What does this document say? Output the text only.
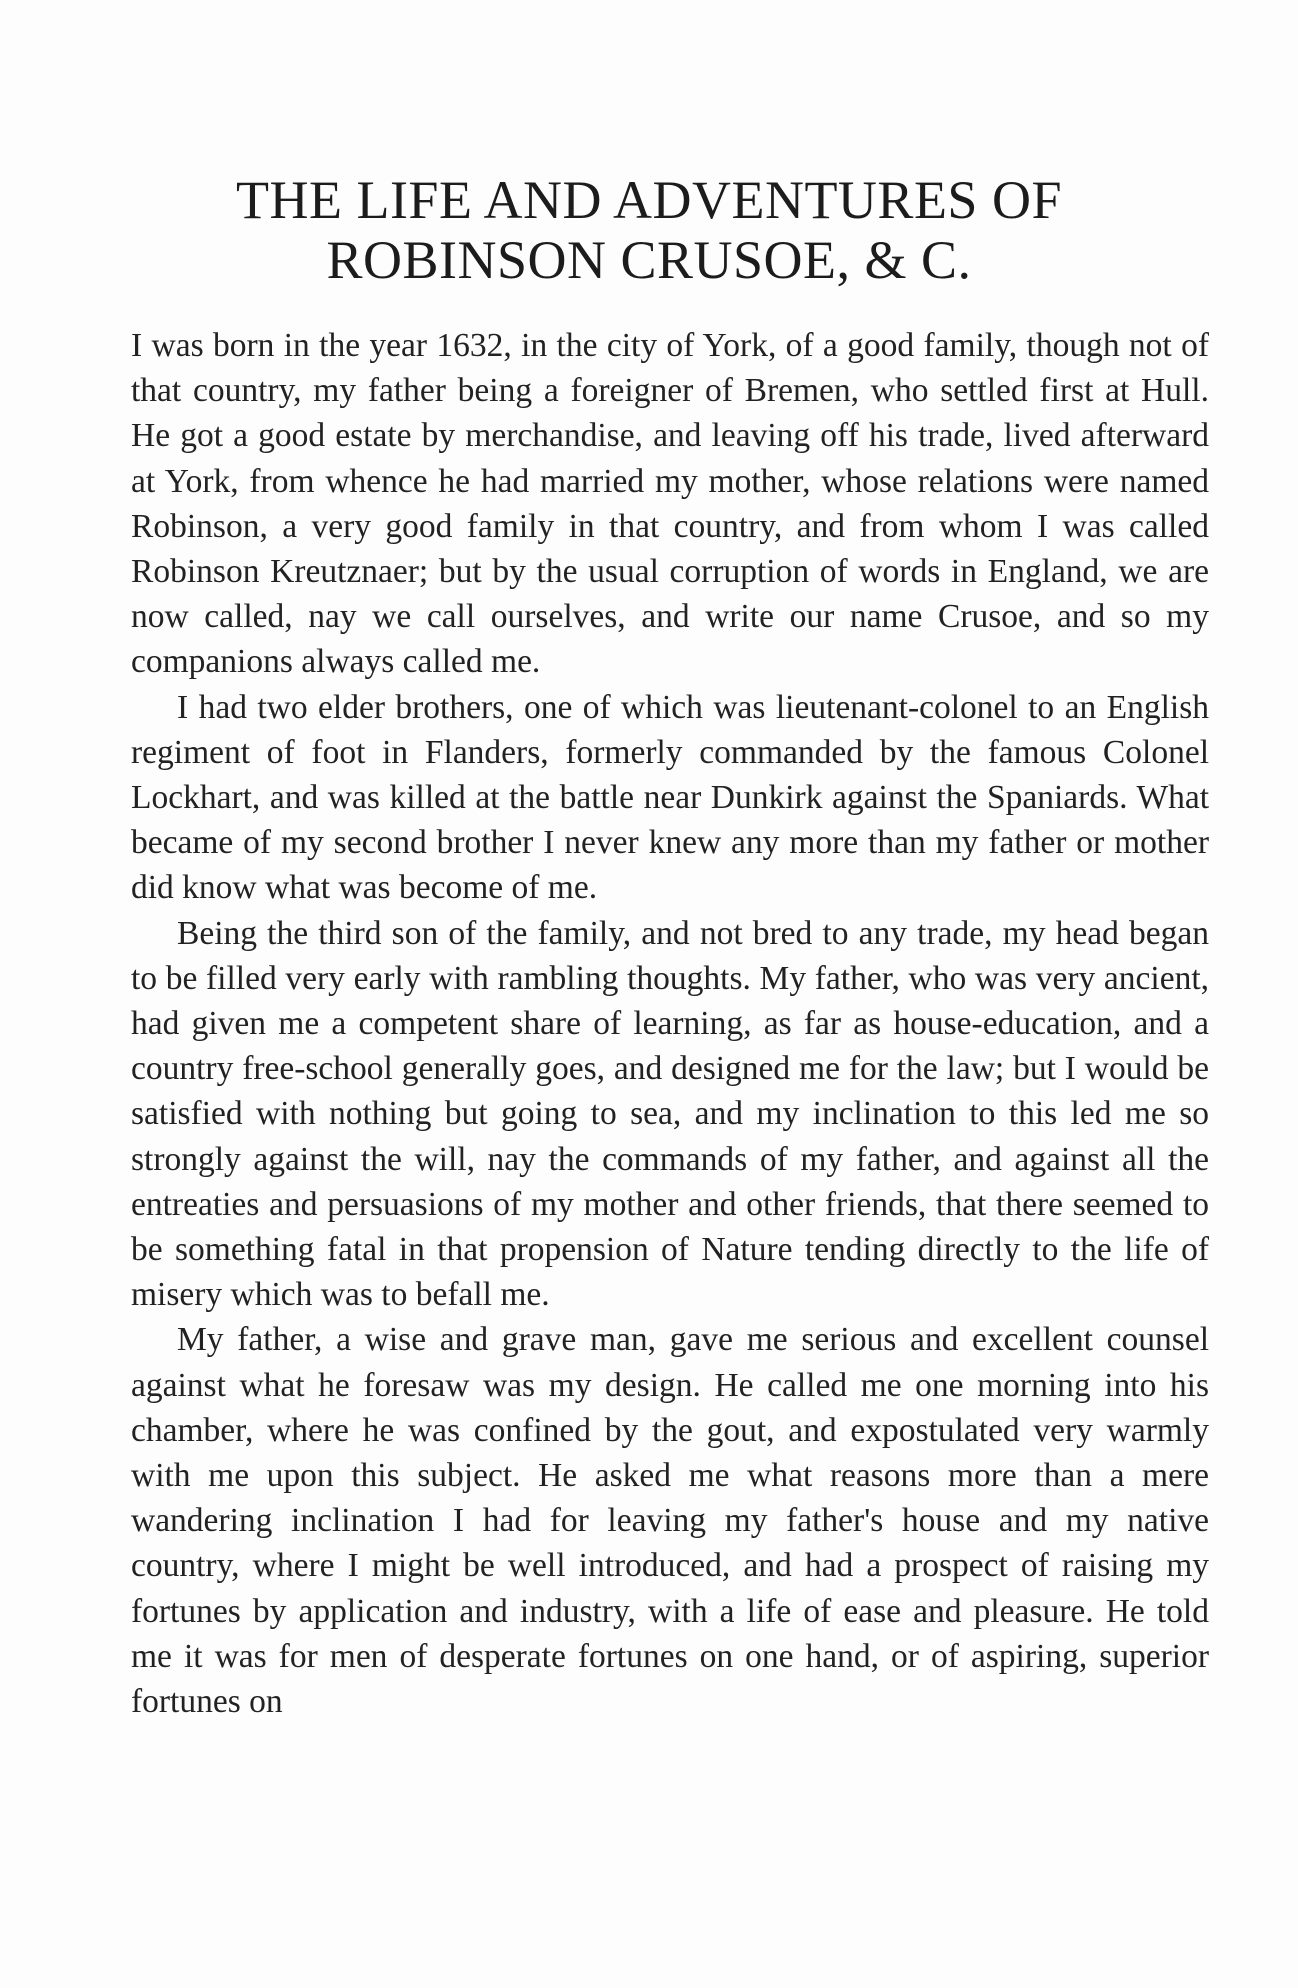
THE LIFE AND ADVENTURES OF
ROBINSON CRUSOE, & C.

I was born in the year 1632, in the city of York, of a good family, though not of that country, my father being a foreigner of Bremen, who settled first at Hull. He got a good estate by merchandise, and leaving off his trade, lived afterward at York, from whence he had married my mother, whose relations were named Robinson, a very good family in that country, and from whom I was called Robinson Kreutznaer; but by the usual corruption of words in England, we are now called, nay we call ourselves, and write our name Crusoe, and so my companions always called me.

I had two elder brothers, one of which was lieutenant-colonel to an English regiment of foot in Flanders, formerly commanded by the famous Colonel Lockhart, and was killed at the battle near Dunkirk against the Spaniards. What became of my second brother I never knew any more than my father or mother did know what was become of me.

Being the third son of the family, and not bred to any trade, my head began to be filled very early with rambling thoughts. My father, who was very ancient, had given me a competent share of learning, as far as house-education, and a country free-school generally goes, and designed me for the law; but I would be satisfied with nothing but going to sea, and my inclination to this led me so strongly against the will, nay the commands of my father, and against all the entreaties and persuasions of my mother and other friends, that there seemed to be something fatal in that propension of Nature tending directly to the life of misery which was to befall me.

My father, a wise and grave man, gave me serious and excellent counsel against what he foresaw was my design. He called me one morning into his chamber, where he was confined by the gout, and expostulated very warmly with me upon this subject. He asked me what reasons more than a mere wandering inclination I had for leaving my father's house and my native country, where I might be well introduced, and had a prospect of raising my fortunes by application and industry, with a life of ease and pleasure. He told me it was for men of desperate fortunes on one hand, or of aspiring, superior fortunes on
